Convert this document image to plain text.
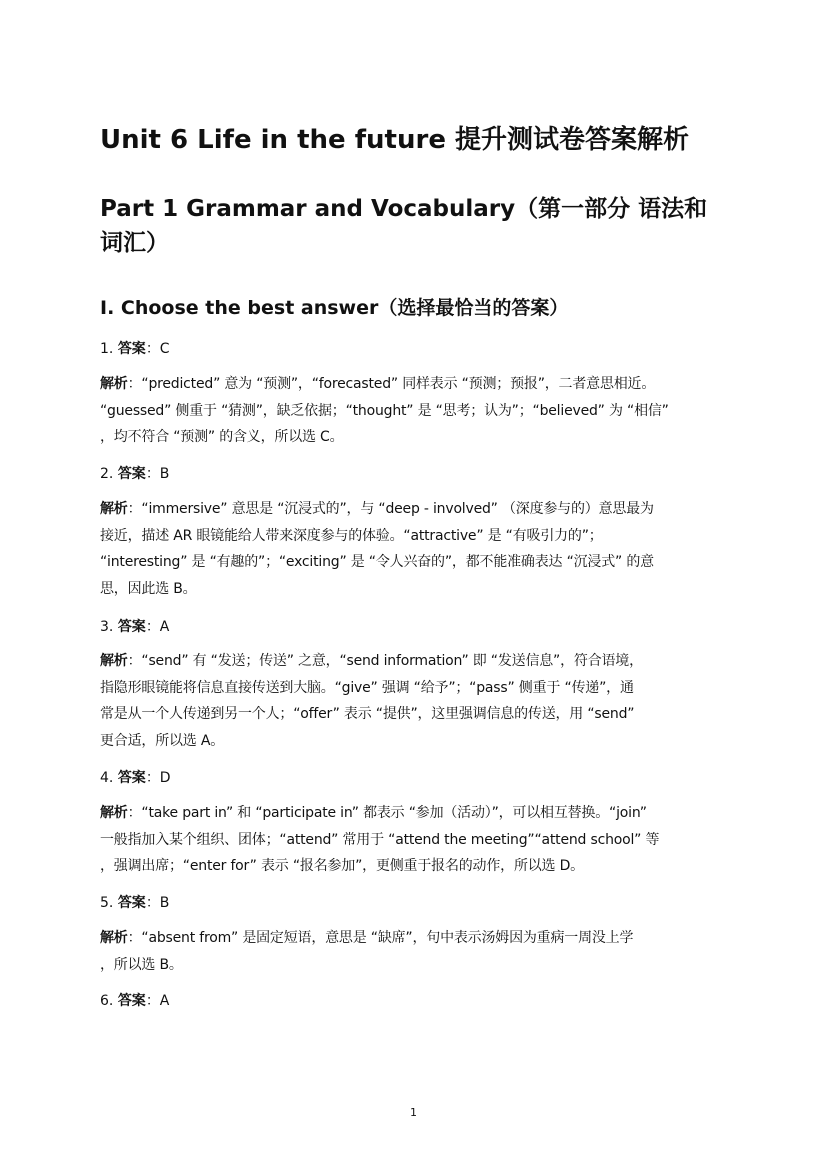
Unit 6 Life in the future 提升测试卷答案解析
Part 1 Grammar and Vocabulary（第一部分 语法和词汇）
I. Choose the best answer（选择最恰当的答案）
1. 答案：C
解析：“predicted” 意为 “预测”，“forecasted” 同样表示 “预测；预报”，二者意思相近。
“guessed” 侧重于 “猜测”，缺乏依据；“thought” 是 “思考；认为”；“believed” 为 “相信”
，均不符合 “预测” 的含义，所以选 C。
2. 答案：B
解析：“immersive” 意思是 “沉浸式的”，与 “deep - involved” （深度参与的）意思最为
接近，描述 AR 眼镜能给人带来深度参与的体验。“attractive” 是 “有吸引力的”；
“interesting” 是 “有趣的”；“exciting” 是 “令人兴奋的”，都不能准确表达 “沉浸式” 的意
思，因此选 B。
3. 答案：A
解析：“send” 有 “发送；传送” 之意，“send information” 即 “发送信息”，符合语境，
指隐形眼镜能将信息直接传送到大脑。“give” 强调 “给予”；“pass” 侧重于 “传递”，通
常是从一个人传递到另一个人；“offer” 表示 “提供”，这里强调信息的传送，用 “send”
更合适，所以选 A。
4. 答案：D
解析：“take part in” 和 “participate in” 都表示 “参加（活动）”，可以相互替换。“join”
一般指加入某个组织、团体；“attend” 常用于 “attend the meeting”“attend school” 等
，强调出席；“enter for” 表示 “报名参加”，更侧重于报名的动作，所以选 D。
5. 答案：B
解析：“absent from” 是固定短语，意思是 “缺席”，句中表示汤姆因为重病一周没上学
，所以选 B。
6. 答案：A
1
